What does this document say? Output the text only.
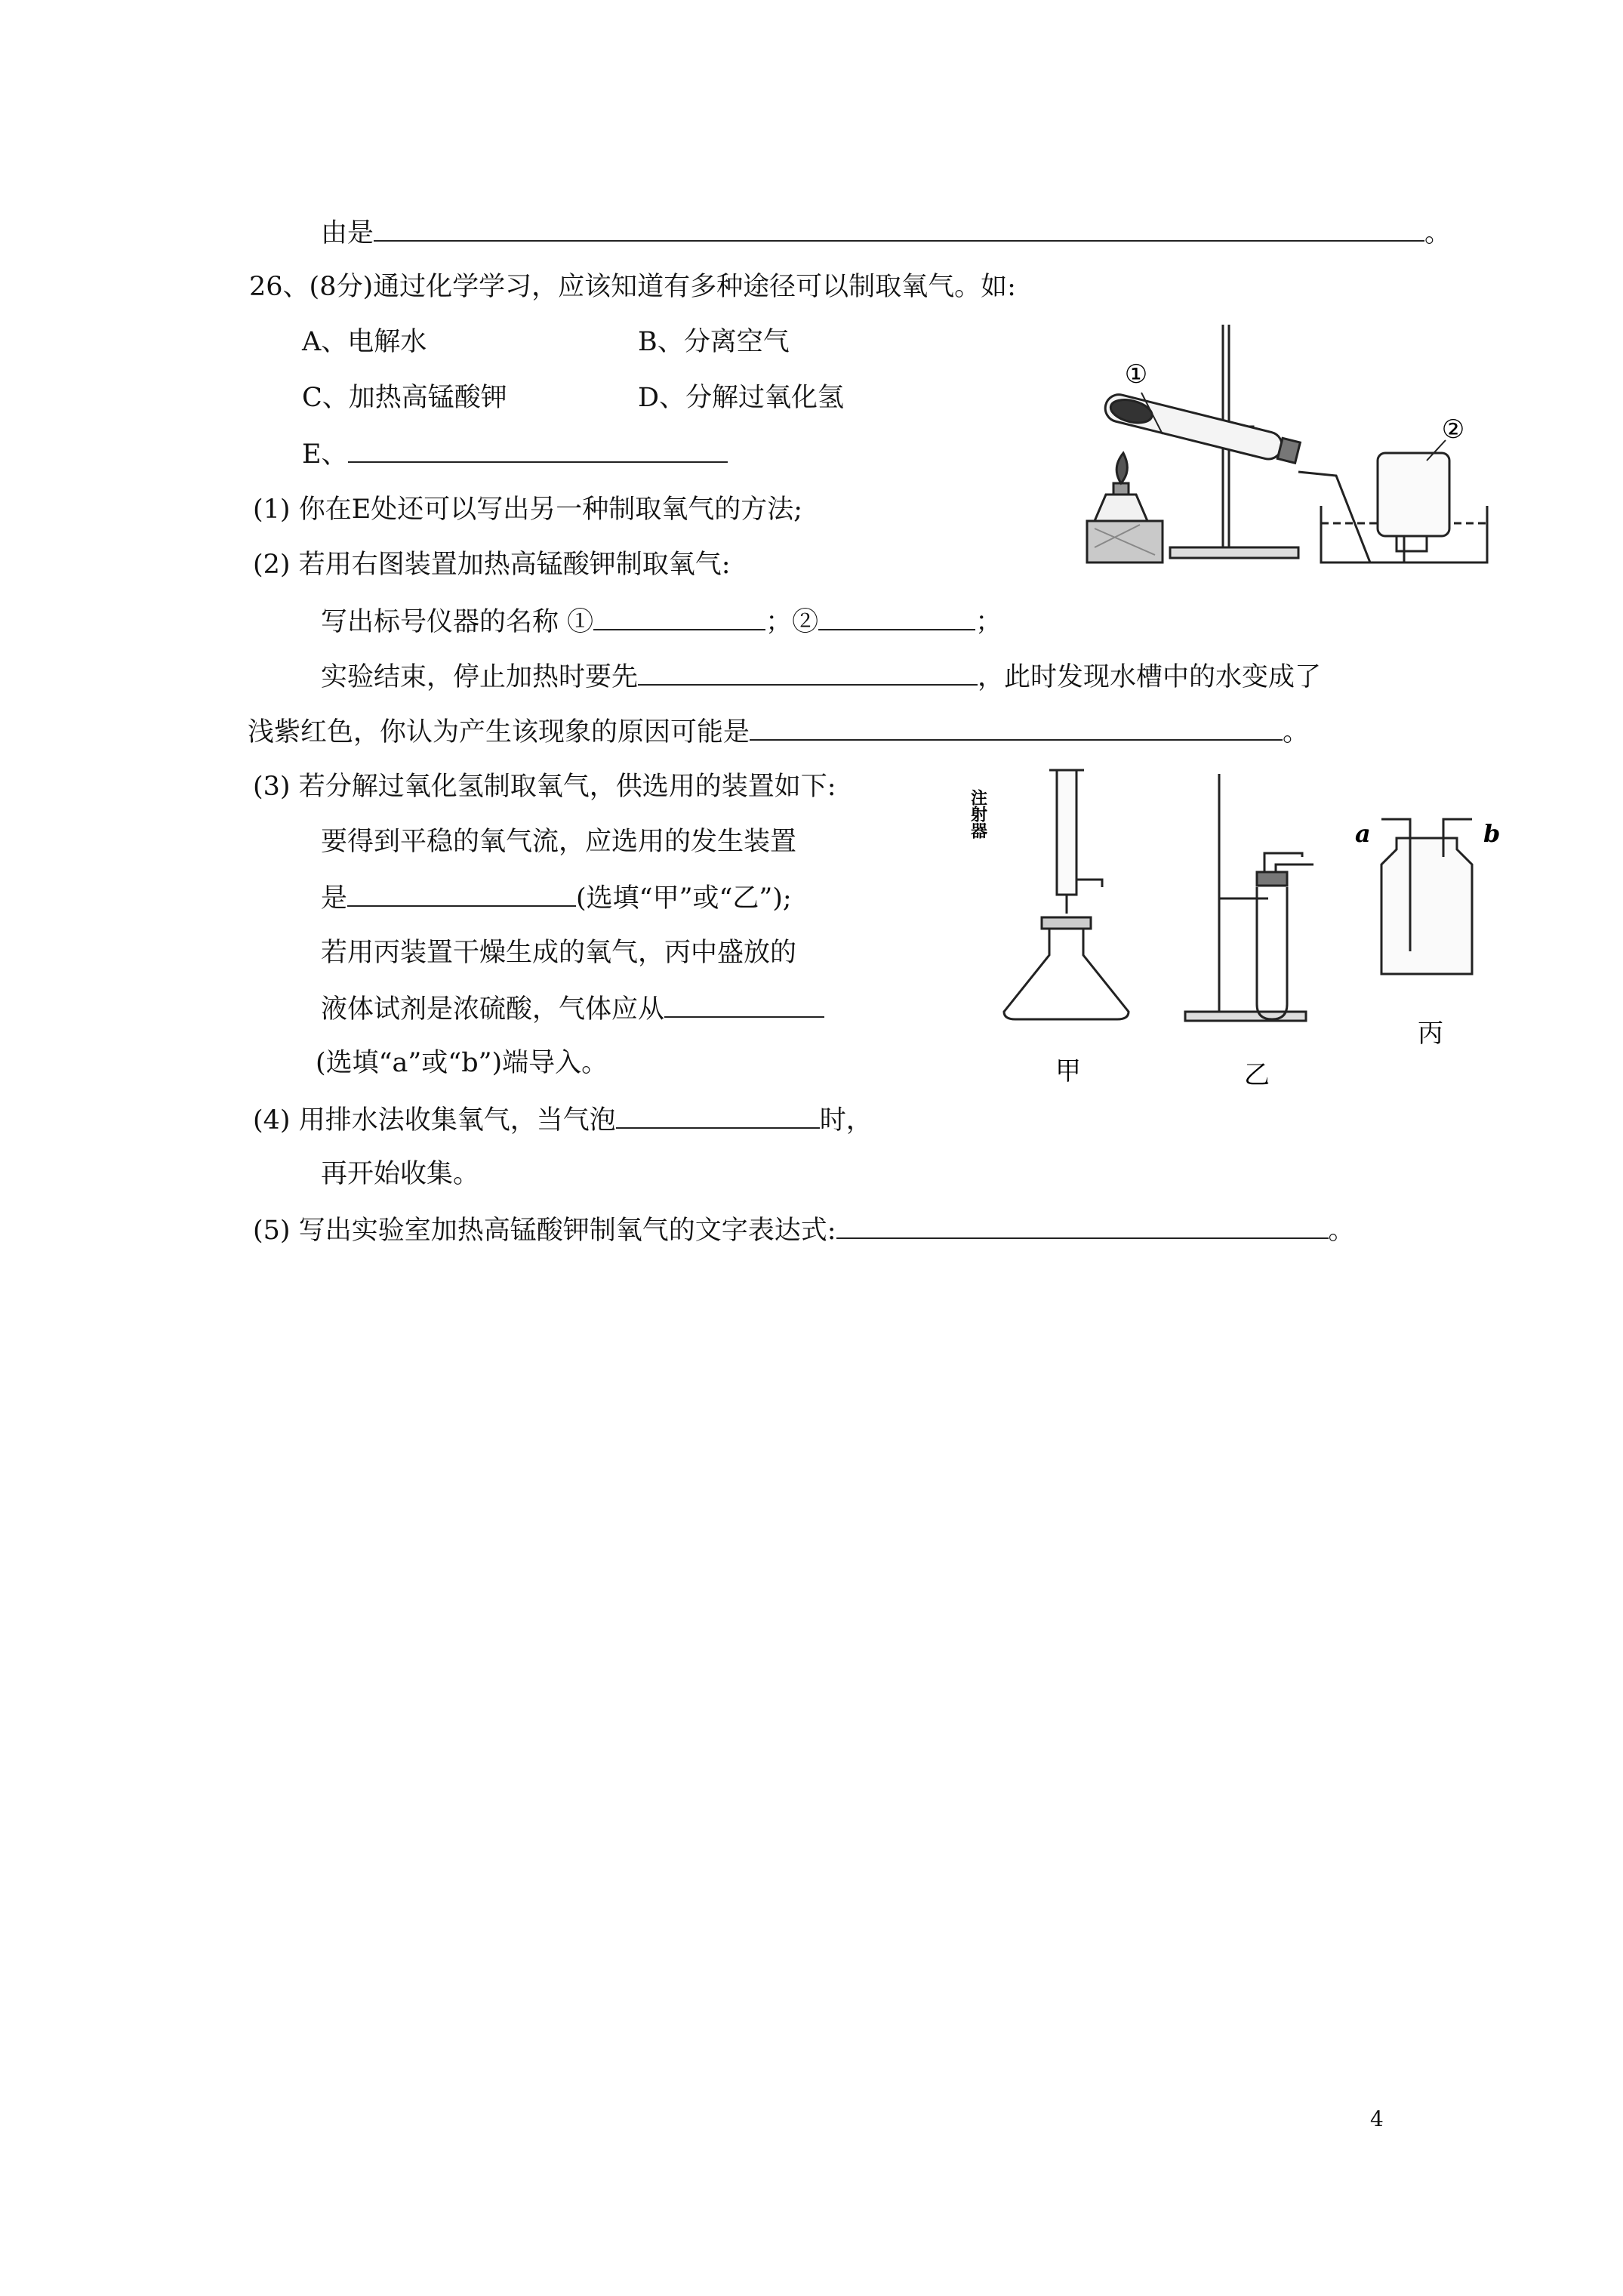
由是	。
26、(8分)通过化学学习，应该知道有多种途径可以制取氧气。如:
A、电解水	B、分离空气
C、加热高锰酸钾	D、分解过氧化氢
E、
(1) 你在E处还可以写出另一种制取氧气的方法;
(2) 若用右图装置加热高锰酸钾制取氧气:
写出标号仪器的名称 ①	；②	；
实验结束，停止加热时要先	，此时发现水槽中的水变成了
浅紫红色，你认为产生该现象的原因可能是	。
(3) 若分解过氧化氢制取氧气，供选用的装置如下:
要得到平稳的氧气流，应选用的发生装置
是	(选填“甲”或“乙”);
若用丙装置干燥生成的氧气，丙中盛放的
液体试剂是浓硫酸，气体应从
(选填“a”或“b”)端导入。
(4) 用排水法收集氧气，当气泡	时，
再开始收集。
(5) 写出实验室加热高锰酸钾制氧气的文字表达式:	。
①
②
注射器
甲	乙
丙
a	b
4
